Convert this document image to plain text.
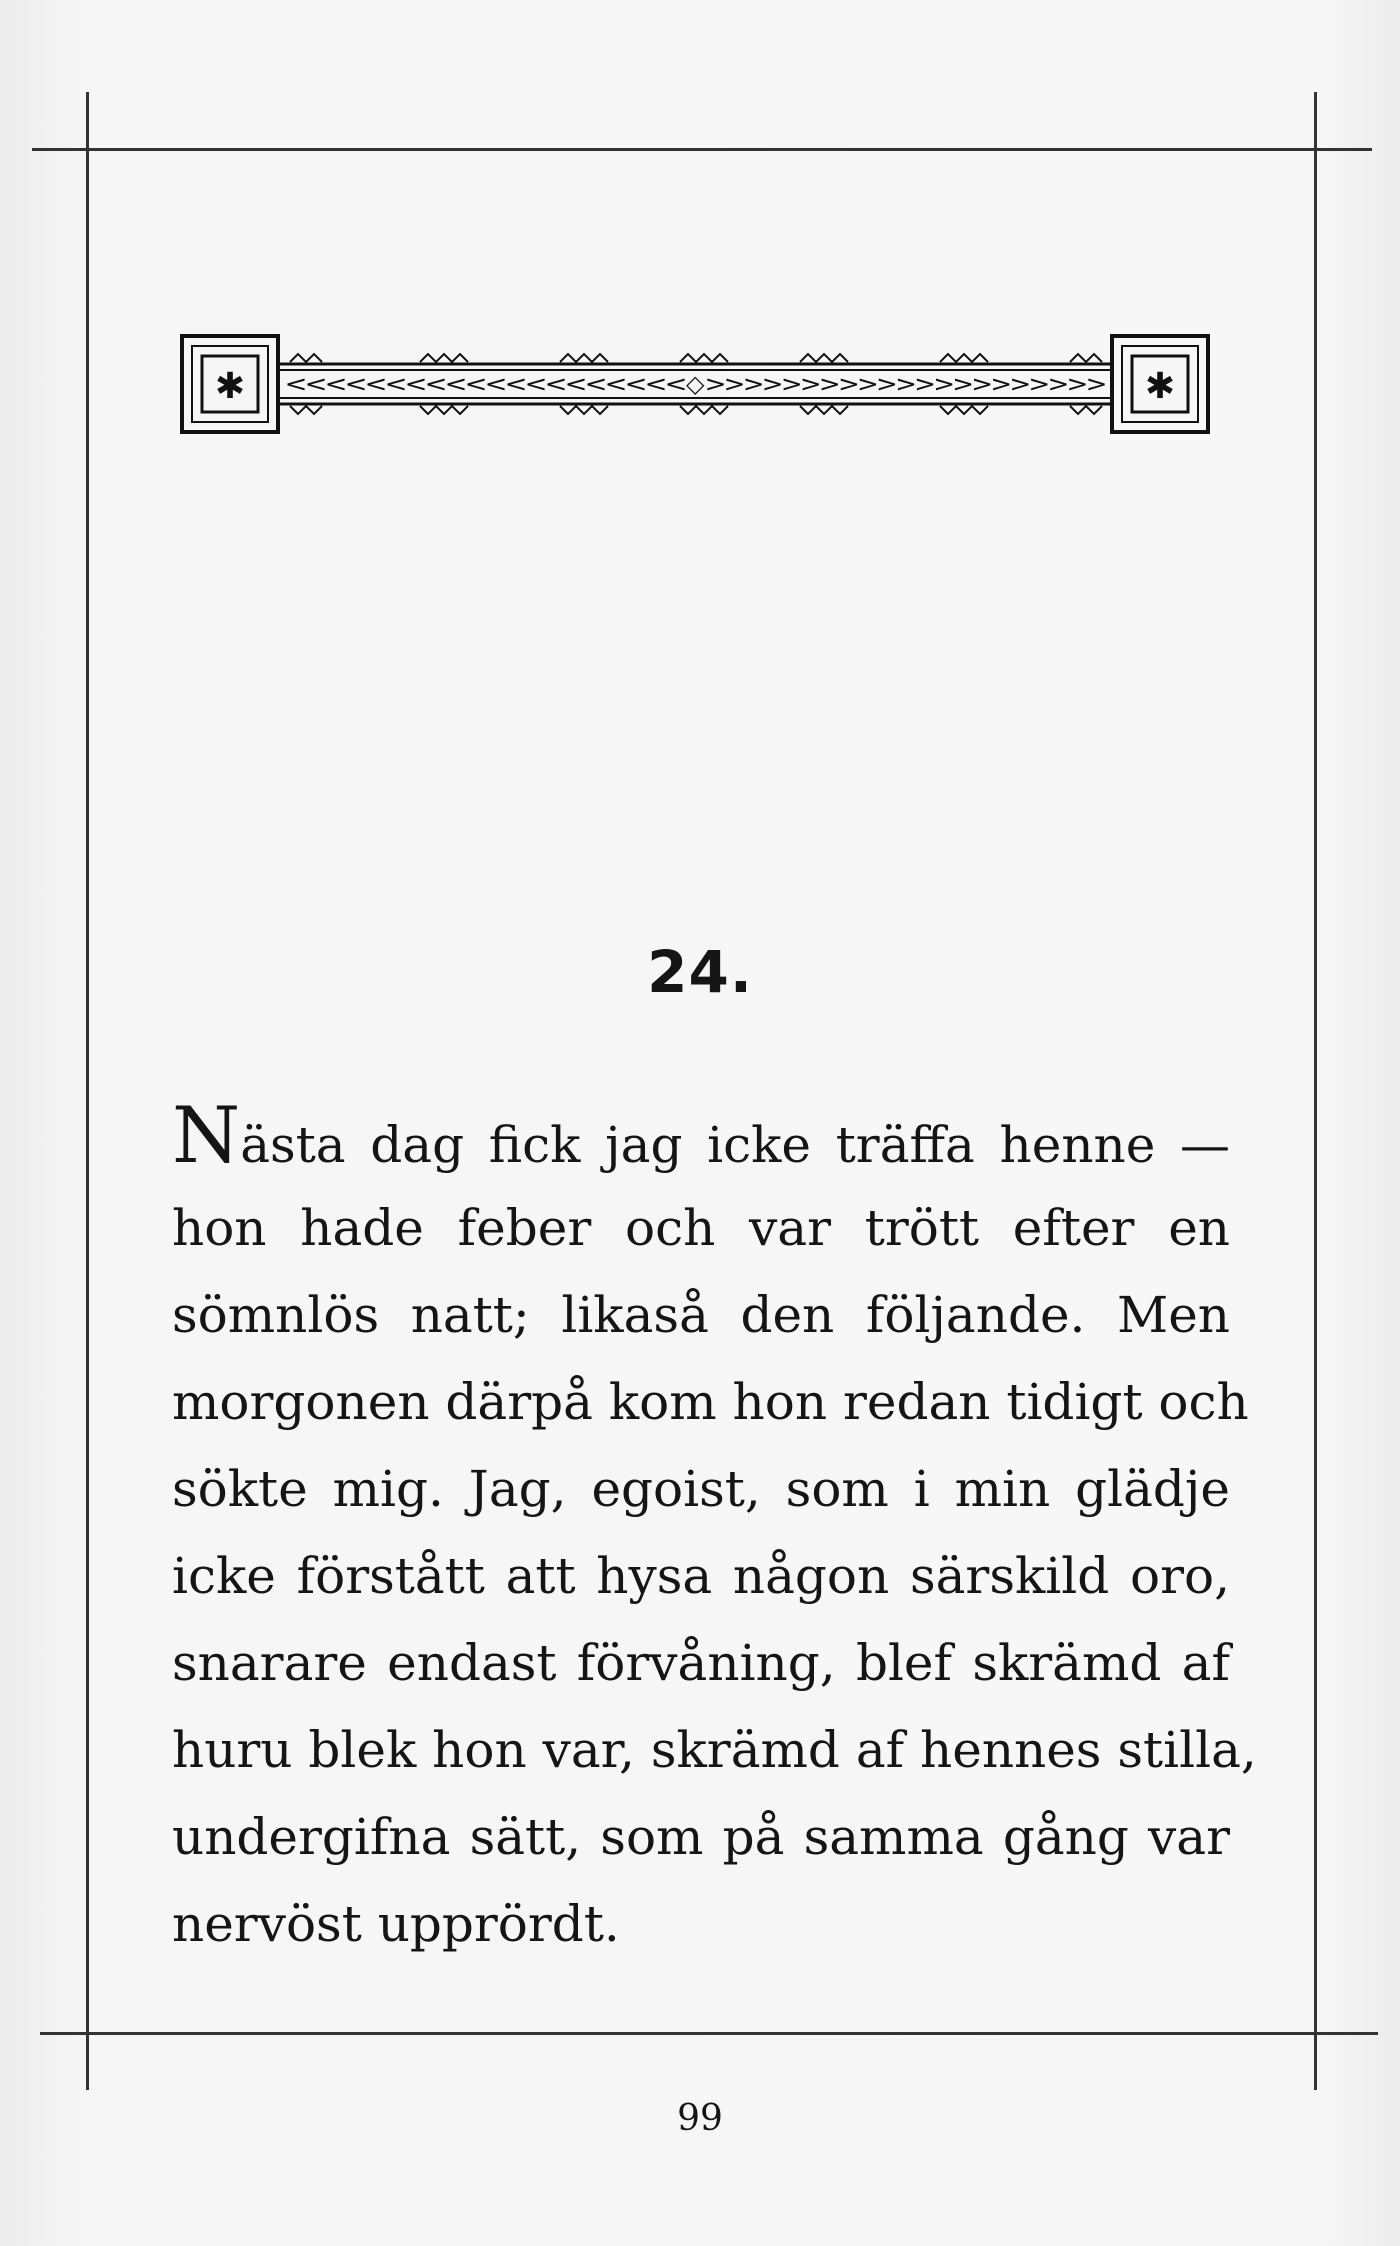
✱	✱
<<<<<<<<<<<<<<<<<<<< ◇ >>>>>>>>>>>>>>>>>>>>>
24.
Nästa dag fick jag icke träffa henne —
hon hade feber och var trött efter en
sömnlös natt; likaså den följande. Men
morgonen därpå kom hon redan tidigt och
sökte mig. Jag, egoist, som i min glädje
icke förstått att hysa någon särskild oro,
snarare endast förvåning, blef skrämd af
huru blek hon var, skrämd af hennes stilla,
undergifna sätt, som på samma gång var
nervöst upprördt.
99
